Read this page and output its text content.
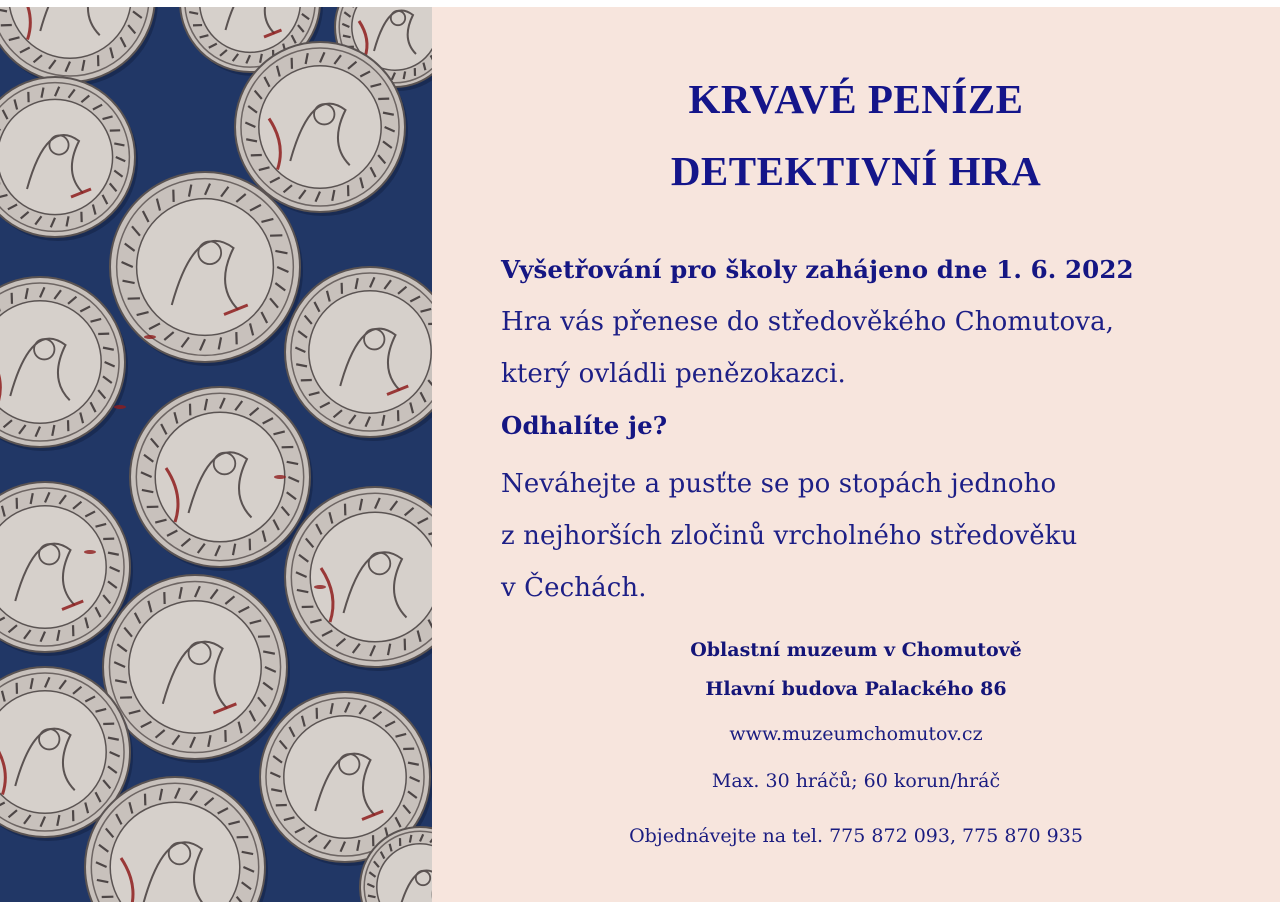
KRVAVÉ PENÍZE
DETEKTIVNÍ HRA
Vyšetřování pro školy zahájeno dne 1. 6. 2022
Hra vás přenese do středověkého Chomutova,
který ovládli penězokazci.
Odhalíte je?
Neváhejte a pusťte se po stopách jednoho
z nejhorších zločinů vrcholného středověku
v Čechách.
Oblastní muzeum v Chomutově
Hlavní budova Palackého 86
www.muzeumchomutov.cz
Max. 30 hráčů; 60 korun/hráč
Objednávejte na tel. 775 872 093, 775 870 935
